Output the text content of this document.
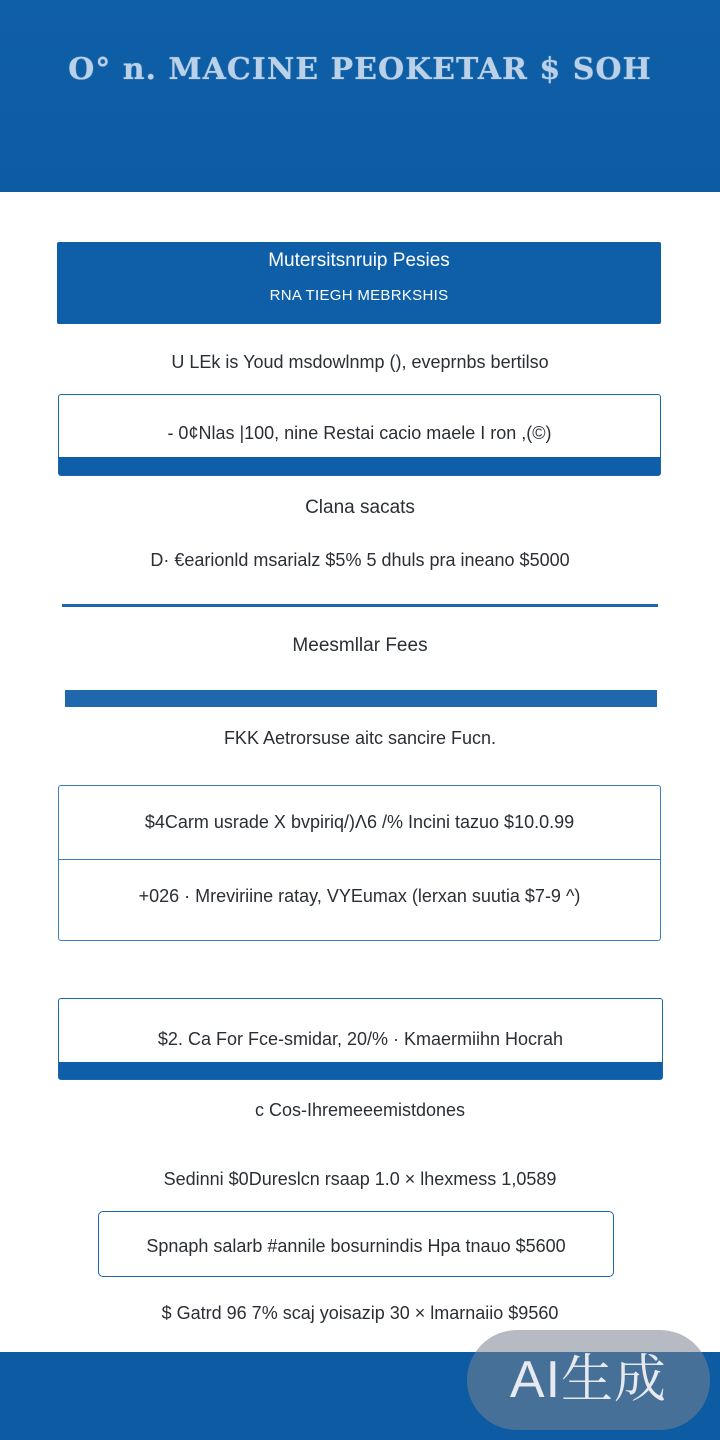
O° n. MACINE PEOKETAR $ SOH
Mutersitsnruip Pesies
RNA TIEGH MEBRKSHIS
U LEk is Youd msdowlnmp (), eveprnbs bertilso
- 0¢Nlas |100, nine Restai cacio maele I ron ,(©)
Clana sacats
D· €earionld msarialz $5% 5 dhuls pra ineano $5000
Meesmllar Fees
FKK Aetrorsuse aitc sancire Fucn.
$4Carm usrade X bvpiriq/)Λ6 /% Incini tazuo $10.0.99
+026 · Mreviriine ratay, VYEumax (lerxan suutia $7-9 ^)
$2. Ca For Fce-smidar, 20/% · Kmaermiihn Hocrah
c Cos-Ihremeeemistdones
Sedinni $0Dureslcn rsaap 1.0 × lhexmess 1,0589
Spnaph salarb #annile bosurnindis Hpa tnauo $5600
$ Gatrd 96 7% scaj yoisazip 30 × lmarnaiio $9560
AI生成
